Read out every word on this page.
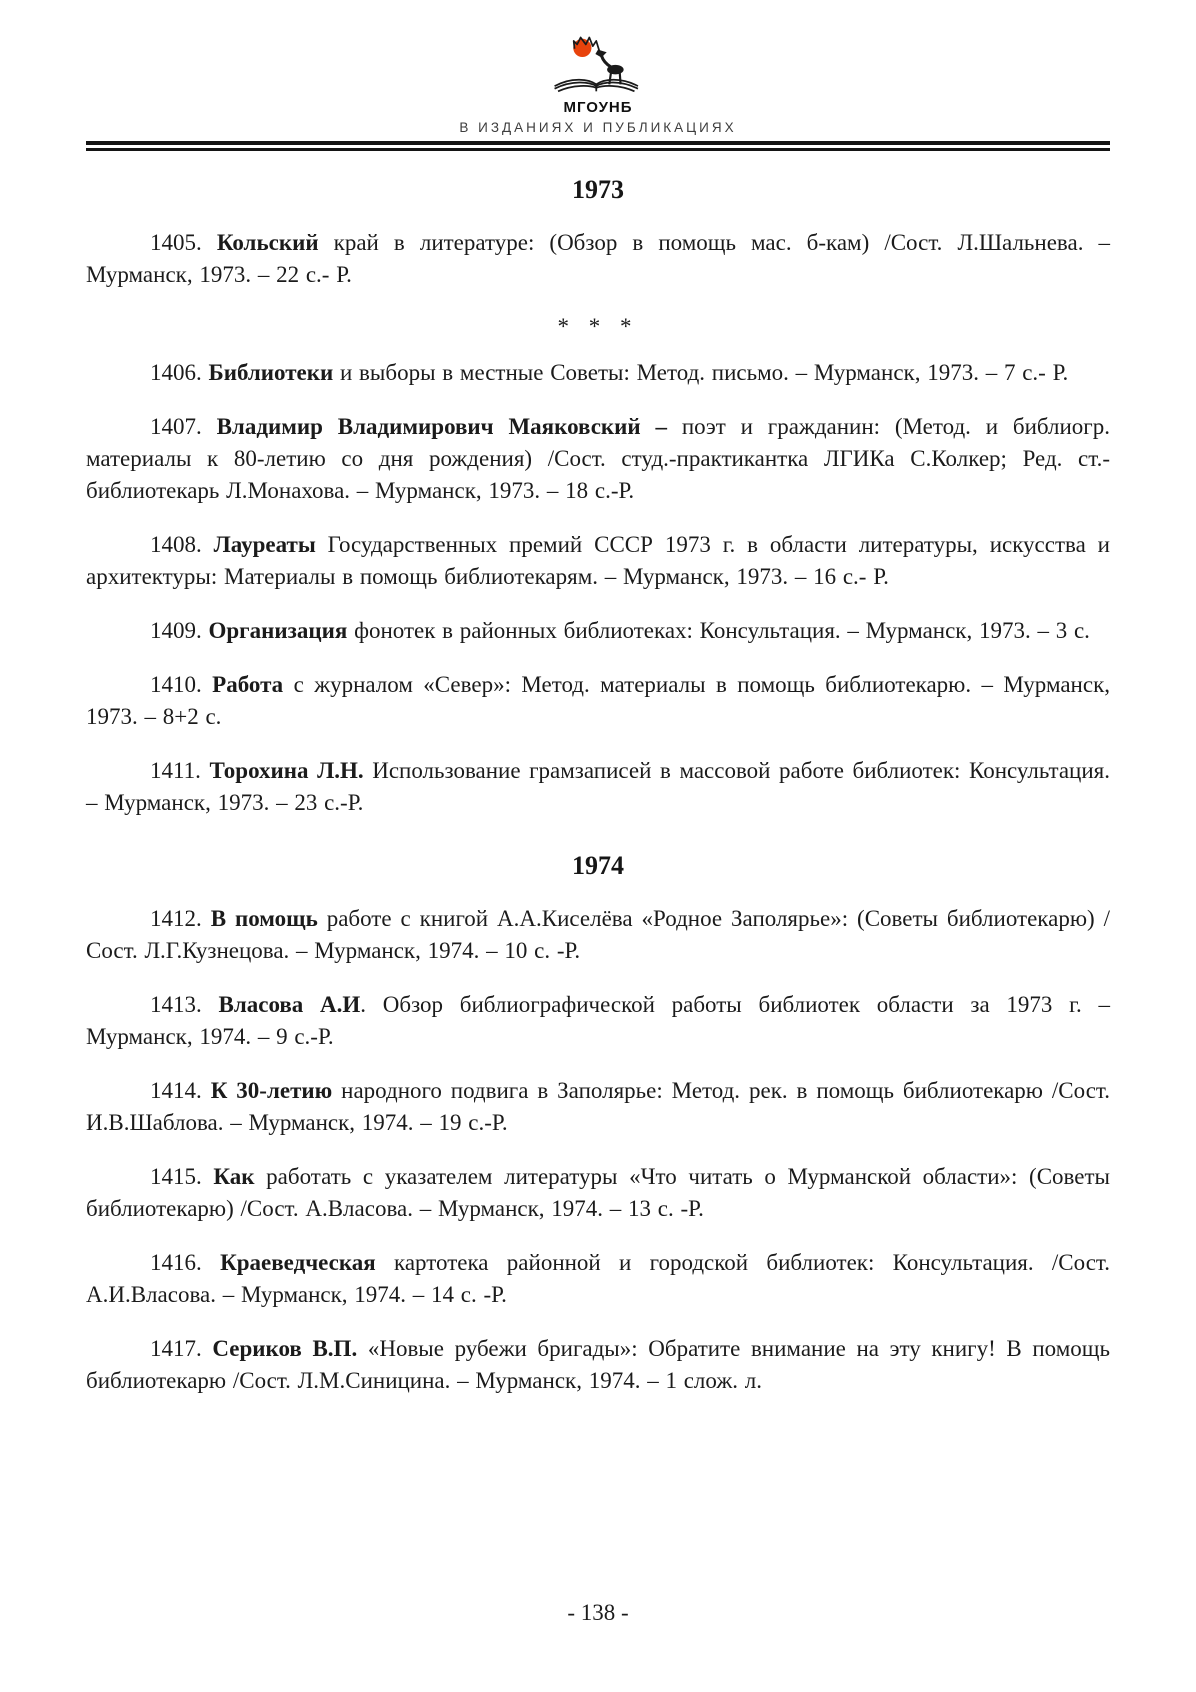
МГОУНБ
В ИЗДАНИЯХ И ПУБЛИКАЦИЯХ
1973

1405. Кольский край в литературе: (Обзор в помощь мас. б-кам) /Сост. Л.Шальнева. – Мурманск, 1973. – 22 с.- Р.

* * *

1406. Библиотеки и выборы в местные Советы: Метод. письмо. – Мурманск, 1973. – 7 с.- Р.

1407. Владимир Владимирович Маяковский – поэт и гражданин: (Метод. и библиогр. материалы к 80-летию со дня рождения) /Сост. студ.-практикантка ЛГИКа С.Колкер; Ред. ст.- библиотекарь Л.Монахова. – Мурманск, 1973. – 18 с.-Р.

1408. Лауреаты Государственных премий СССР 1973 г. в области литературы, искусства и архитектуры: Материалы в помощь библиотекарям. – Мурманск, 1973. – 16 с.- Р.

1409. Организация фонотек в районных библиотеках: Консультация. – Мурманск, 1973. – 3 с.

1410. Работа с журналом «Север»: Метод. материалы в помощь библиотекарю. – Мурманск, 1973. – 8+2 с.

1411. Торохина Л.Н. Использование грамзаписей в массовой работе библиотек: Консультация. – Мурманск, 1973. – 23 с.-Р.

1974

1412. В помощь работе с книгой А.А.Киселёва «Родное Заполярье»: (Советы библиотекарю) /Сост. Л.Г.Кузнецова. – Мурманск, 1974. – 10 с. -Р.

1413. Власова А.И. Обзор библиографической работы библиотек области за 1973 г. – Мурманск, 1974. – 9 с.-Р.

1414. К 30-летию народного подвига в Заполярье: Метод. рек. в помощь библиотекарю /Сост. И.В.Шаблова. – Мурманск, 1974. – 19 с.-Р.

1415. Как работать с указателем литературы «Что читать о Мурманской области»: (Советы библиотекарю) /Сост. А.Власова. – Мурманск, 1974. – 13 с. -Р.

1416. Краеведческая картотека районной и городской библиотек: Консультация. /Сост. А.И.Власова. – Мурманск, 1974. – 14 с. -Р.

1417. Сериков В.П. «Новые рубежи бригады»: Обратите внимание на эту книгу! В помощь библиотекарю /Сост. Л.М.Синицина. – Мурманск, 1974. – 1 слож. л.

- 138 -
